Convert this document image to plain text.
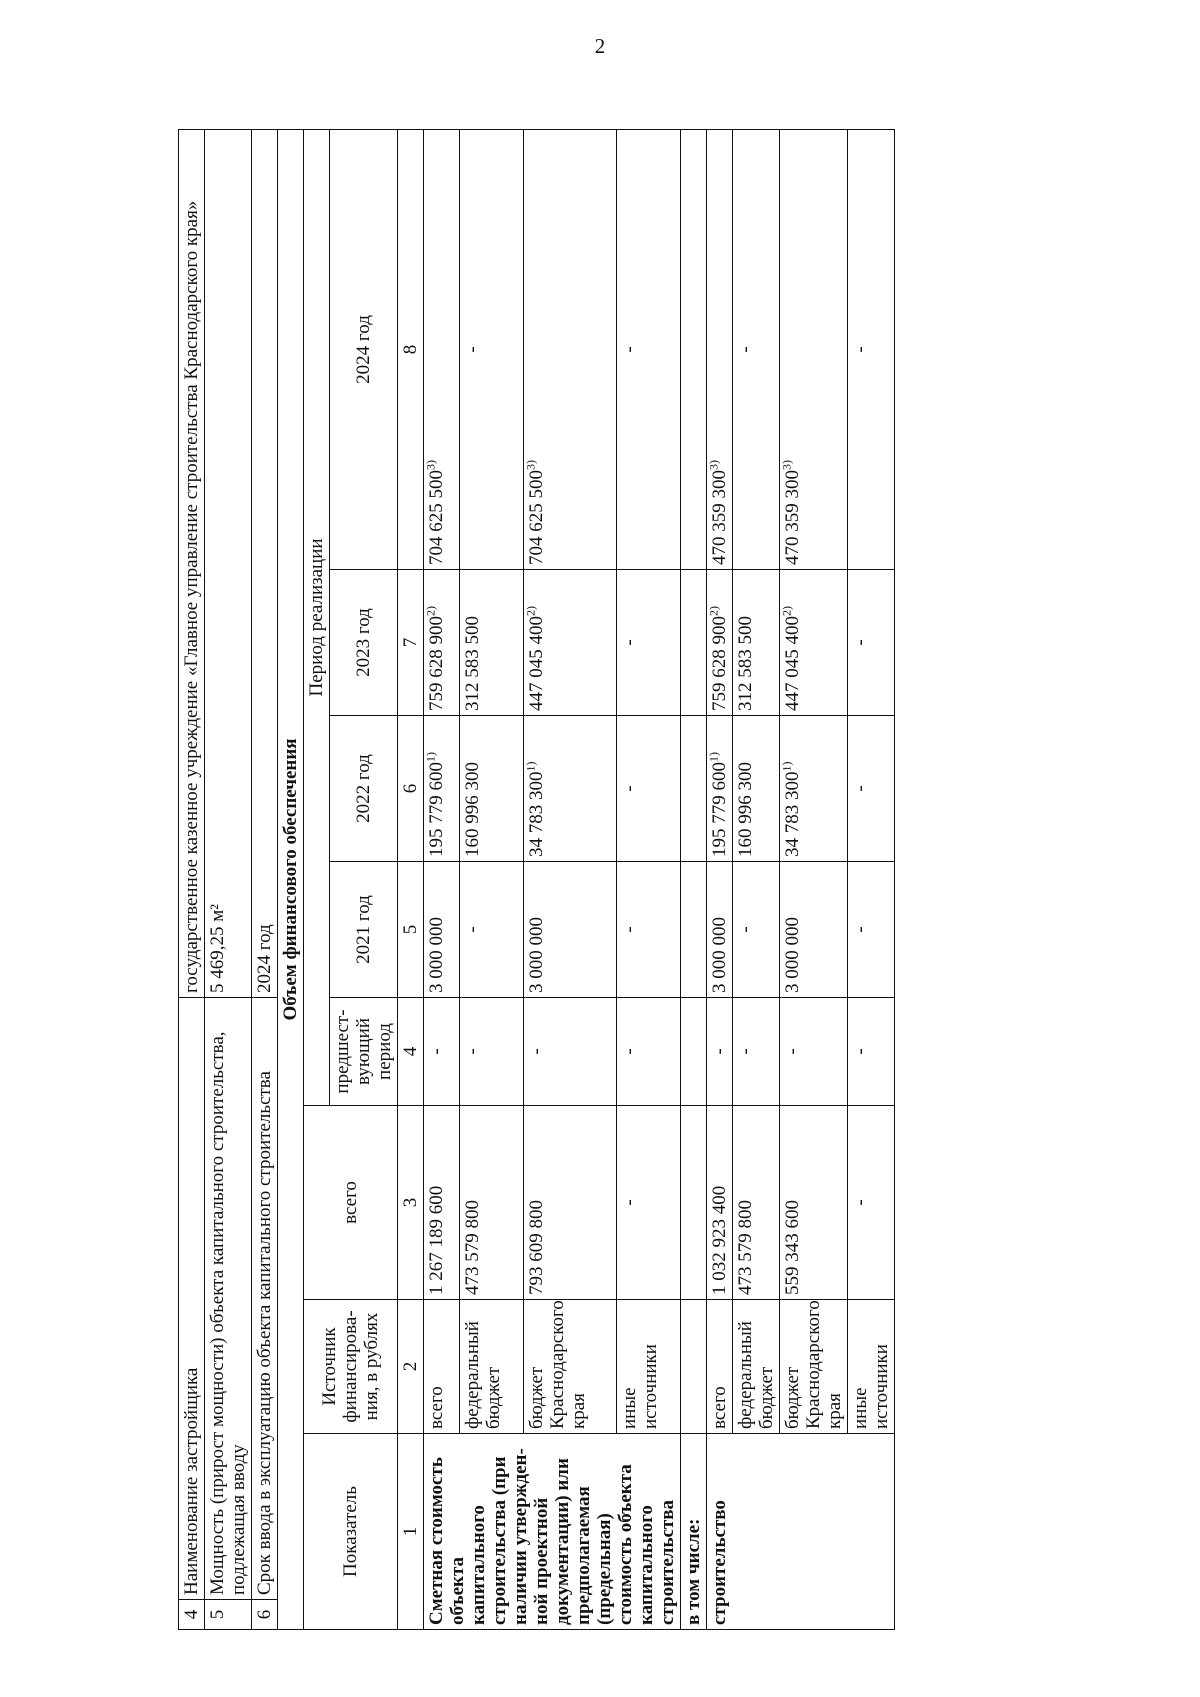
2
4	Наименование застройщика				государственное казенное учреждение «Главное управление строительства Краснодарского края»			
5	Мощность (прирост мощности) объекта капитального строительства, подлежащая вводу				5 469,25 м²			
6	Срок ввода в эксплуатацию объекта капитального строительства				2024 год			
Объем финансового обеспечения								
Показатель		Источник финансирова-ния, в рублях	всего	Период реализации				
				предшест-вующий период	2021 год	2022 год	2023 год	2024 год
1		2	3	4	5	6	7	8
Сметная стоимость объекта капитального строительства (при наличии утвержден-ной проектной документации) или предполагаемая (предельная) стоимость объекта капитального строительства		всего	1 267 189 600	-	3 000 000	195 779 600$^{1)}$	759 628 900$^{2)}$	704 625 500$^{3)}$
		федеральный бюджет	473 579 800	-	-	160 996 300	312 583 500	-
		бюджет Краснодарского края	793 609 800	-	3 000 000	34 783 300$^{1)}$	447 045 400$^{2)}$	704 625 500$^{3)}$
		иные источники	-	-	-	-	-	-
в том числе:								
строительство		всего	1 032 923 400	-	3 000 000	195 779 600$^{1)}$	759 628 900$^{2)}$	470 359 300$^{3)}$
		федеральный бюджет	473 579 800	-	-	160 996 300	312 583 500	-
		бюджет Краснодарского края	559 343 600	-	3 000 000	34 783 300$^{1)}$	447 045 400$^{2)}$	470 359 300$^{3)}$
		иные источники	-	-	-	-	-	-
